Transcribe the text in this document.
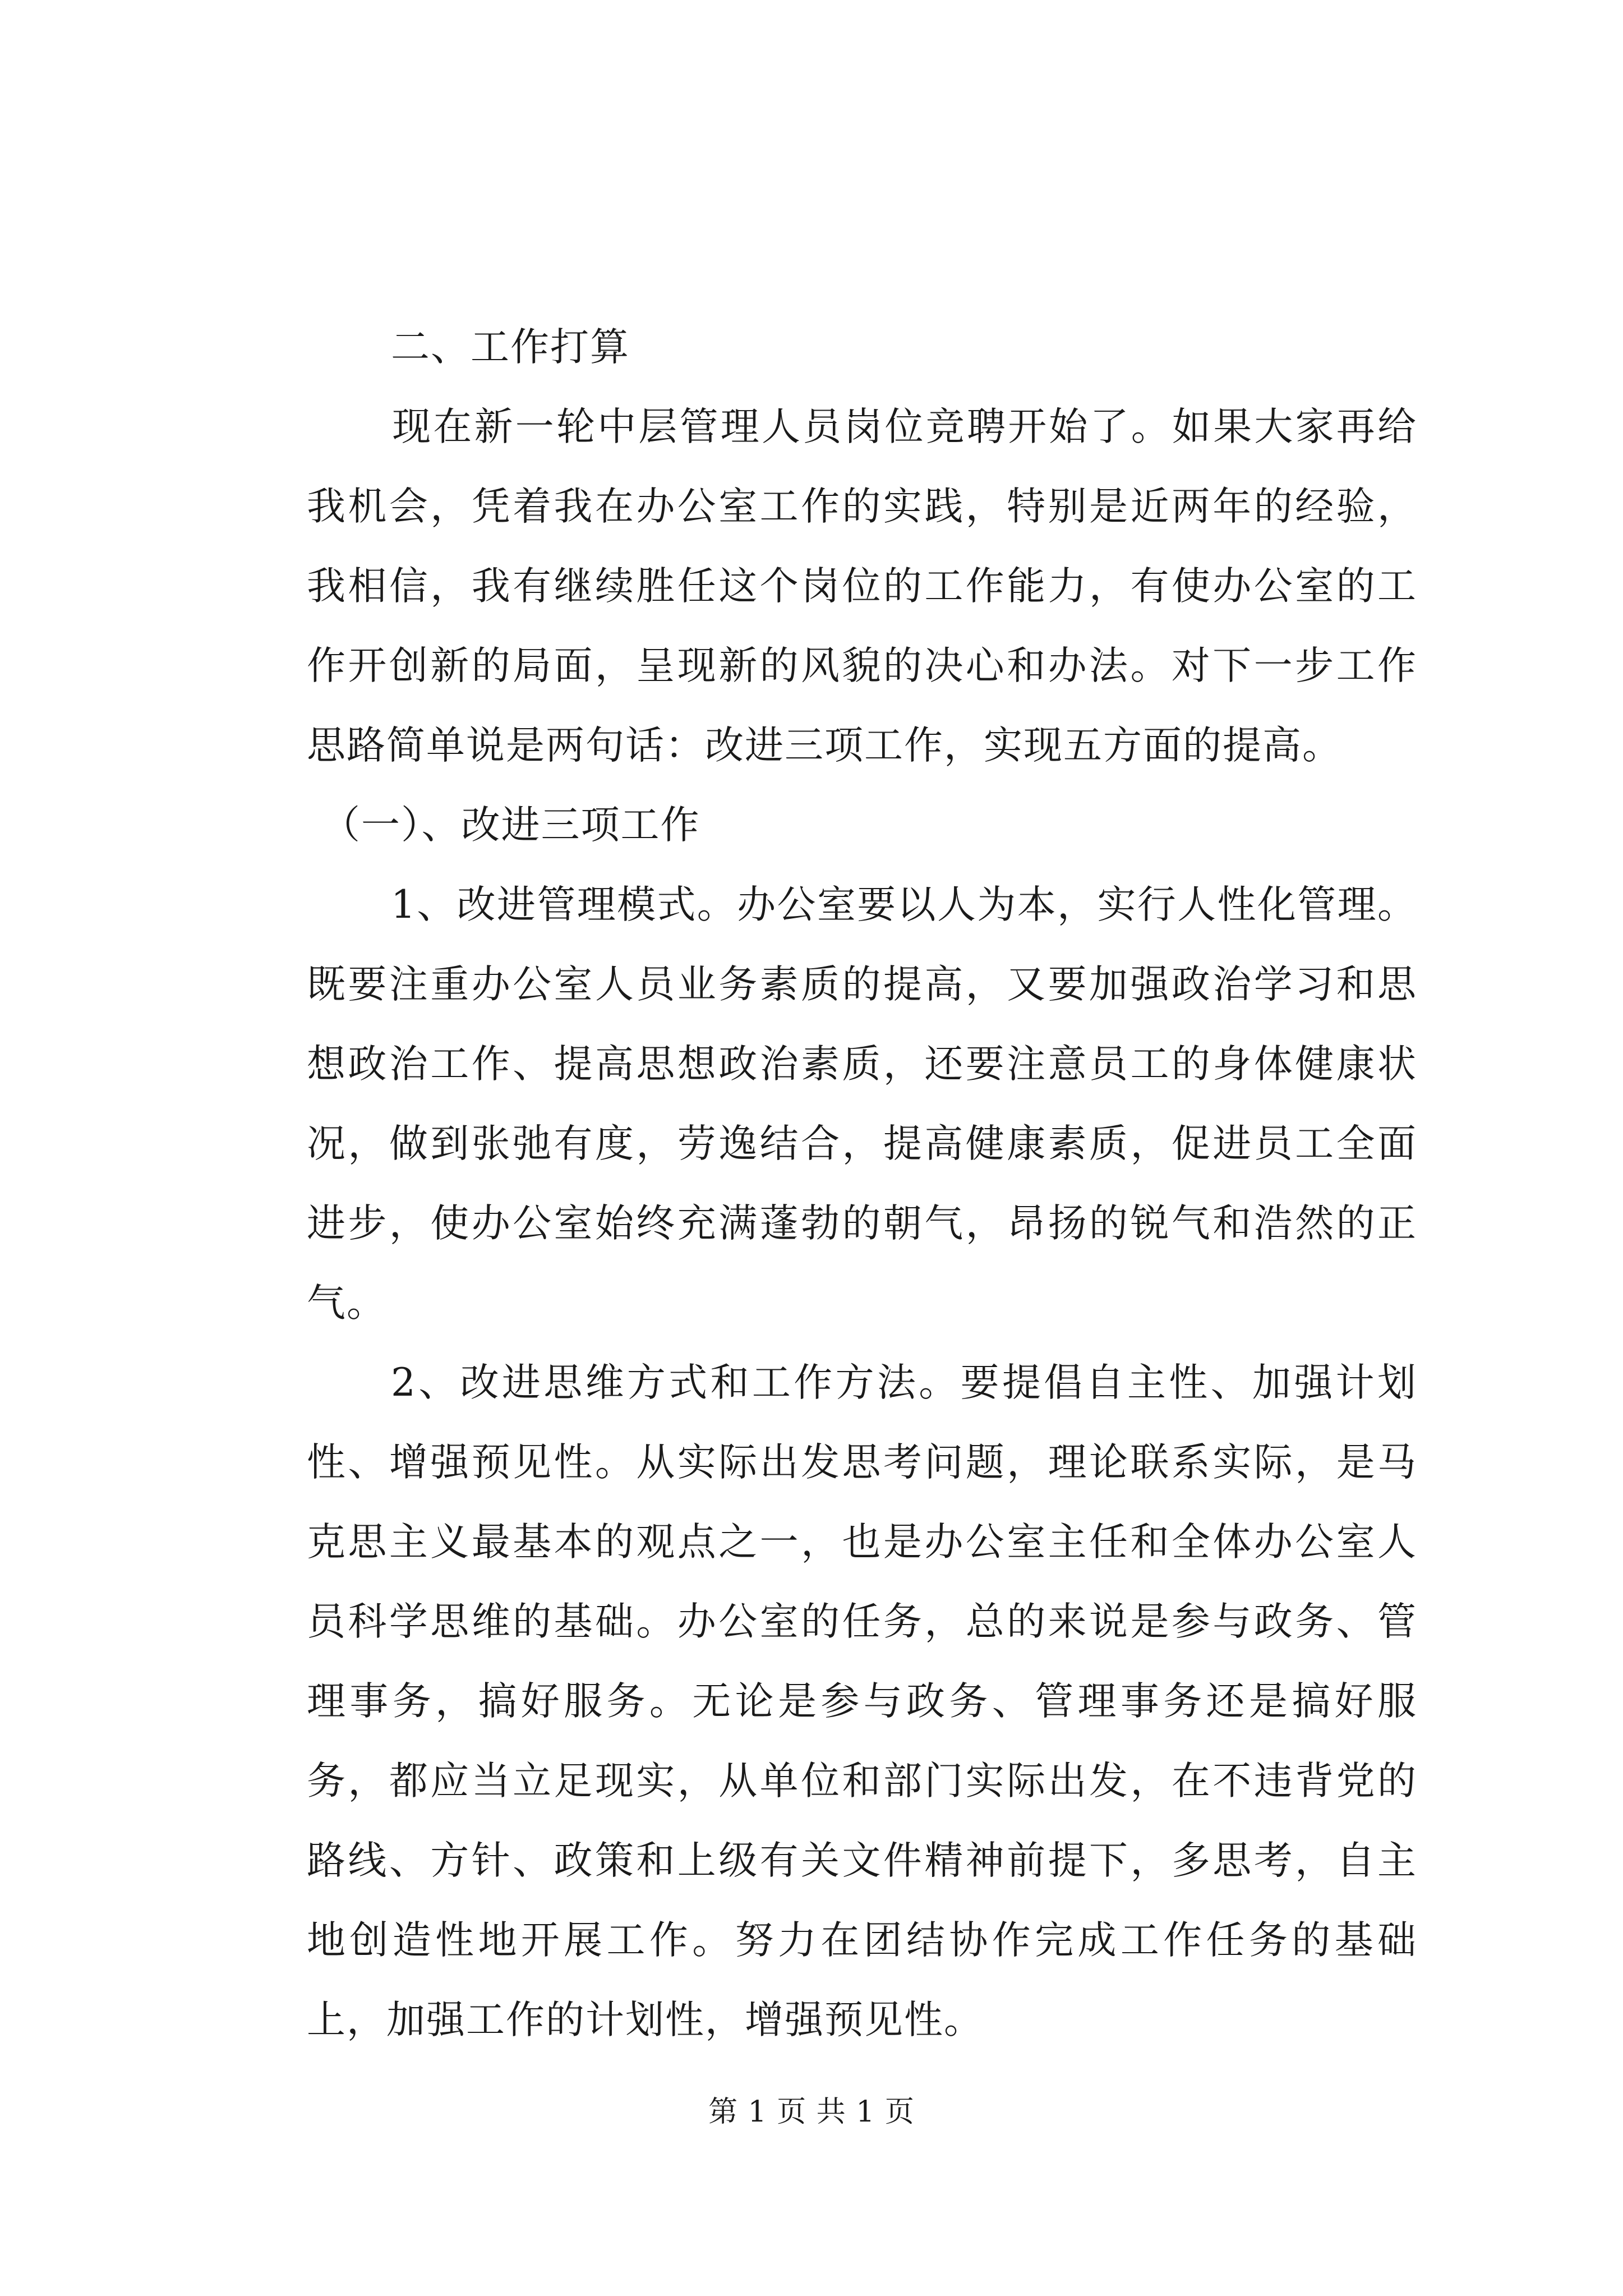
二、工作打算

现在新一轮中层管理人员岗位竞聘开始了。如果大家再给我机会，凭着我在办公室工作的实践，特别是近两年的经验，我相信，我有继续胜任这个岗位的工作能力，有使办公室的工作开创新的局面，呈现新的风貌的决心和办法。对下一步工作思路简单说是两句话：改进三项工作，实现五方面的提高。

（一）、改进三项工作

1、改进管理模式。办公室要以人为本，实行人性化管理。既要注重办公室人员业务素质的提高，又要加强政治学习和思想政治工作、提高思想政治素质，还要注意员工的身体健康状况，做到张弛有度，劳逸结合，提高健康素质，促进员工全面进步，使办公室始终充满蓬勃的朝气，昂扬的锐气和浩然的正气。

2、改进思维方式和工作方法。要提倡自主性、加强计划性、增强预见性。从实际出发思考问题，理论联系实际，是马克思主义最基本的观点之一，也是办公室主任和全体办公室人员科学思维的基础。办公室的任务，总的来说是参与政务、管理事务，搞好服务。无论是参与政务、管理事务还是搞好服务，都应当立足现实，从单位和部门实际出发，在不违背党的路线、方针、政策和上级有关文件精神前提下，多思考，自主地创造性地开展工作。努力在团结协作完成工作任务的基础上，加强工作的计划性，增强预见性。

第 1 页 共 1 页
